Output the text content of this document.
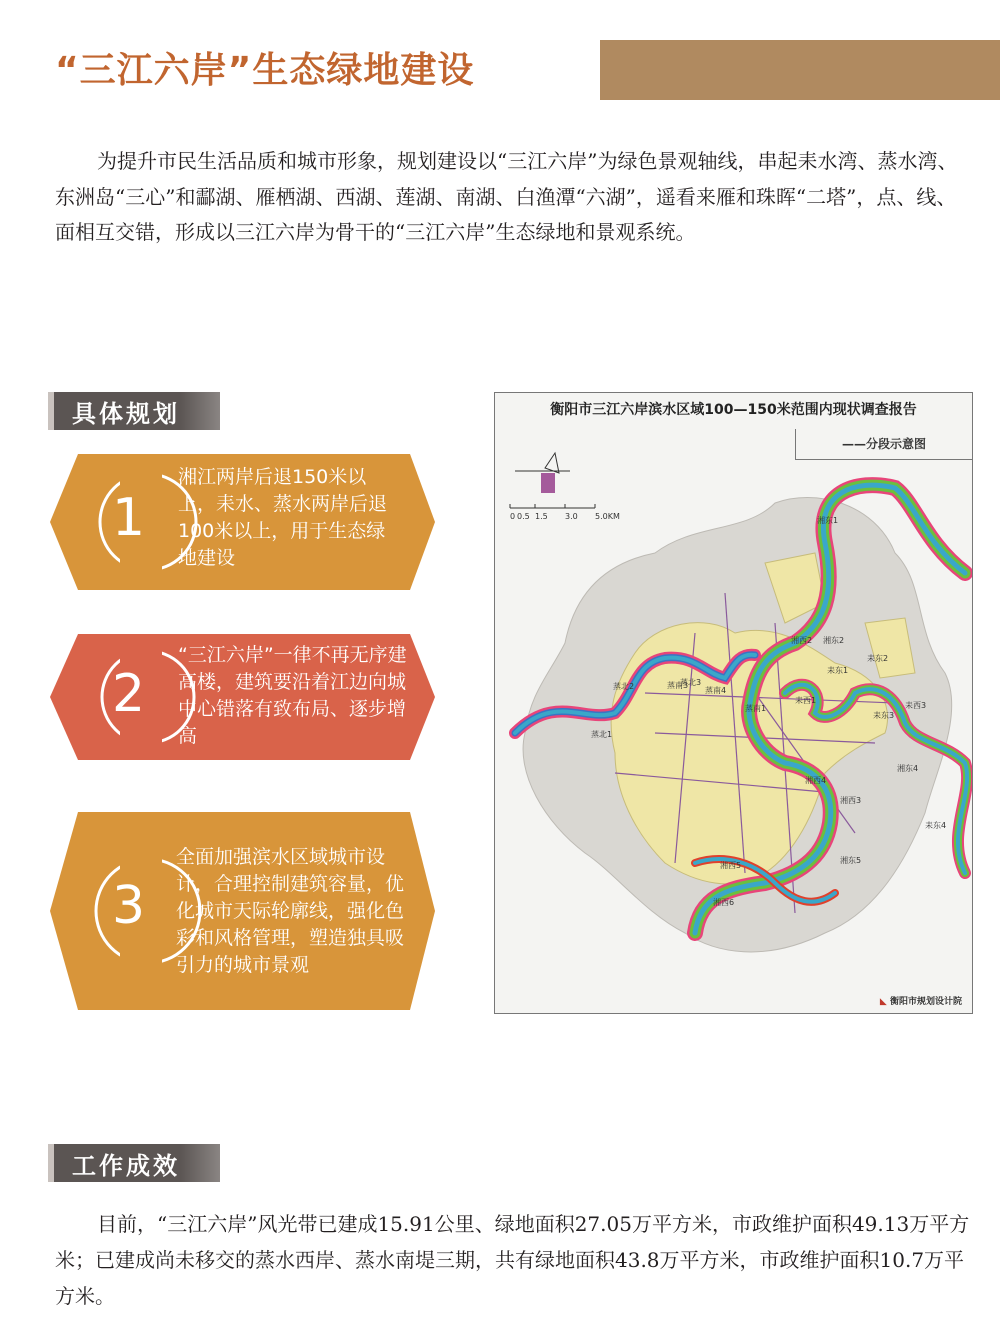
“三江六岸”生态绿地建设

为提升市民生活品质和城市形象，规划建设以“三江六岸”为绿色景观轴线，串起耒水湾、蒸水湾、东洲岛“三心”和酃湖、雁栖湖、西湖、莲湖、南湖、白渔潭“六湖”，遥看来雁和珠晖“二塔”，点、线、面相互交错，形成以三江六岸为骨干的“三江六岸”生态绿地和景观系统。

具体规划
1

湘江两岸后退150米以上，耒水、蒸水两岸后退100米以上，用于生态绿地建设

2

“三江六岸”一律不再无序建高楼，建筑要沿着江边向城中心错落有致布局、逐步增高

3

全面加强滨水区域城市设计，合理控制建筑容量，优化城市天际轮廓线，强化色彩和风格管理，塑造独具吸引力的城市景观

衡阳市三江六岸滨水区域100—150米范围内现状调查报告
——分段示意图
湘东1
湘西2 湘东2
耒东1
耒东2
耒西1
耒东3
耒西3
耒东4
湘西3
湘东5
湘西5
湘西6
蒸北1
蒸北2	蒸北3
蒸南3
蒸南4
蒸南1
湘西4
湘东4
0 0.5 1.5 3.0 5.0KM
◣ 衡阳市规划设计院
工作成效

目前，“三江六岸”风光带已建成15.91公里、绿地面积27.05万平方米，市政维护面积49.13万平方米；已建成尚未移交的蒸水西岸、蒸水南堤三期，共有绿地面积43.8万平方米，市政维护面积10.7万平方米。
